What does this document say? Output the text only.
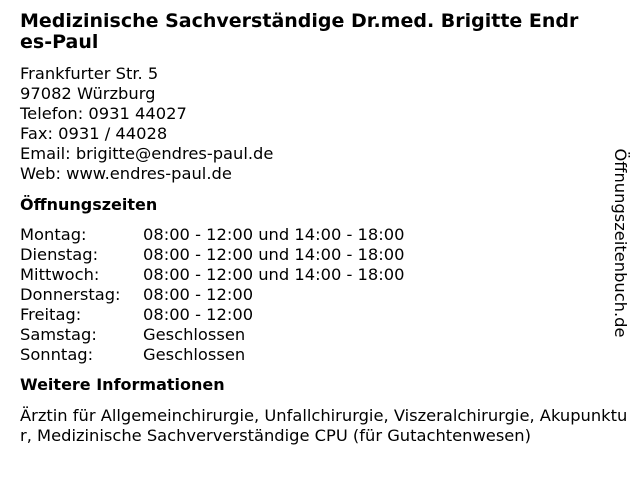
Medizinische Sachverständige Dr.med. Brigitte Endres-Paul
Frankfurter Str. 5
97082 Würzburg
Telefon: 0931 44027
Fax: 0931 / 44028
Email: brigitte@endres-paul.de
Web: www.endres-paul.de
Öffnungszeiten
Montag:	08:00 - 12:00 und 14:00 - 18:00
Dienstag:	08:00 - 12:00 und 14:00 - 18:00
Mittwoch:	08:00 - 12:00 und 14:00 - 18:00
Donnerstag:	08:00 - 12:00
Freitag:	08:00 - 12:00
Samstag:	Geschlossen
Sonntag:	Geschlossen
Weitere Informationen
Ärztin für Allgemeinchirurgie, Unfallchirurgie, Viszeralchirurgie, Akupunktur, Medizinische Sachververständige CPU (für Gutachtenwesen)
Öffnungszeitenbuch.de
